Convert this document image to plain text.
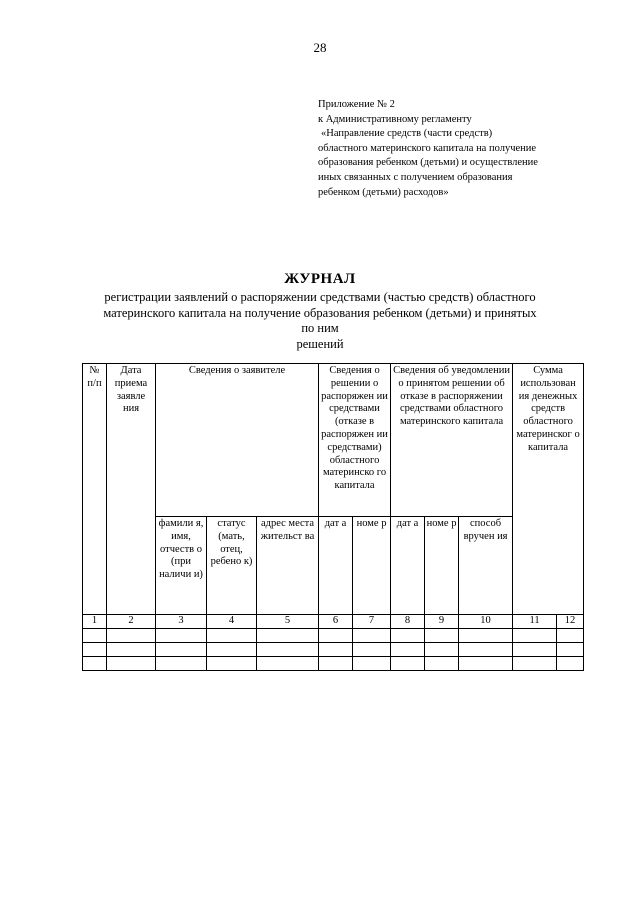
28
Приложение № 2
к Административному регламенту
«Направление средств (части средств)
областного материнского капитала на получение
образования ребенком (детьми) и осуществление
иных связанных с получением образования
ребенком (детьми) расходов»
ЖУРНАЛ
регистрации заявлений о распоряжении средствами (частью средств) областного
материнского капитала на получение образования ребенком (детьми) и принятых по ним
решений
№ п/п	Дата приема заявле ния	Сведения о заявителе			Сведения о решении о распоряжен ии средствами (отказе в распоряжен ии средствами) областного материнско го капитала		Сведения об уведомлении о принятом решении об отказе в распоряжении средствами областного материнского капитала			Сумма использован ия денежных средств областного материнског о капитала	
		фамили я, имя, отчеств о (при наличи и)	статус (мать, отец, ребено к)	адрес места жительст ва	дат а	номе р	дат а	номе р	способ вручен ия		
1	2	3	4	5	6	7	8	9	10	11	12
